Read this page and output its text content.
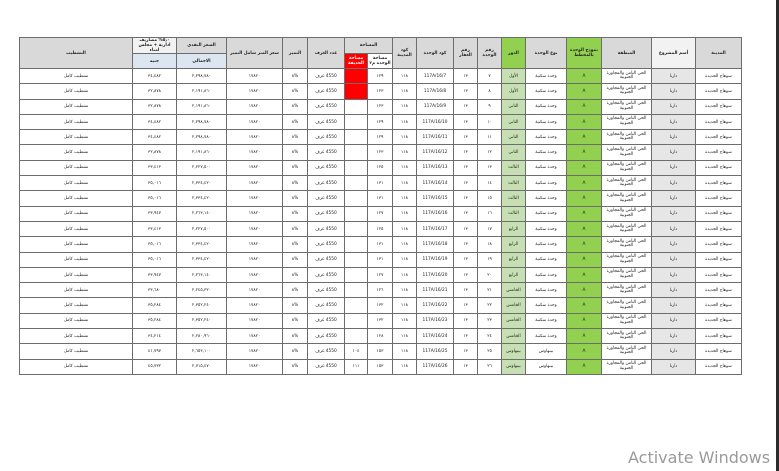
المدينة	أسم المشروع	المنطقة	نموذج الوحدة بالمخطط	نوع الوحدة	الدور	رقم الوحدة	رقم العقار	كود الوحدة	كود المدينة	المساحة		عدد الغرف	التميز	سعر المتر شامل التميز	السعر النقدي	٥٫٠% مصاريف ادارية + مجلس امناء	التشطيب
										مساحة الوحدة م٢	مساحة الحديقة				الاجمالي	جنيه	
سوهاج الجديدة	دارنا	الحي الثامن والمجاورة الجنوبية	A	وحدة سكنية	الأول	٧	١٣	117A/16/7	١١٨	١٢٩		4550 غرف	%٨	١٧٨٢٠	٢,٢٩٨,٧٨٠	٣٤,٤٨٢	تشطيب كامل
سوهاج الجديدة	دارنا	الحي الثامن والمجاورة الجنوبية	A	وحدة سكنية	الأول	٨	١٣	117A/16/8	١١٨	١٢٣		4550 غرف	%٨	١٧٨٢٠	٢,١٩١,٨٦٠	٣٢,٨٧٨	تشطيب كامل
سوهاج الجديدة	دارنا	الحي الثامن والمجاورة الجنوبية	A	وحدة سكنية	الثاني	٩	١٣	117A/16/9	١١٨	١٢٣		4550 غرف	%٨	١٧٨٢٠	٢,١٩١,٨٦٠	٣٢,٨٧٨	تشطيب كامل
سوهاج الجديدة	دارنا	الحي الثامن والمجاورة الجنوبية	A	وحدة سكنية	الثاني	١٠	١٣	117A/16/10	١١٨	١٢٩		4550 غرف	%٨	١٧٨٢٠	٢,٢٩٨,٧٨٠	٣٤,٤٨٢	تشطيب كامل
سوهاج الجديدة	دارنا	الحي الثامن والمجاورة الجنوبية	A	وحدة سكنية	الثاني	١١	١٣	117A/16/11	١١٨	١٢٩		4550 غرف	%٨	١٧٨٢٠	٢,٢٩٨,٧٨٠	٣٤,٤٨٢	تشطيب كامل
سوهاج الجديدة	دارنا	الحي الثامن والمجاورة الجنوبية	A	وحدة سكنية	الثاني	١٢	١٣	117A/16/12	١١٨	١٢٣		4550 غرف	%٨	١٧٨٢٠	٢,١٩١,٨٦٠	٣٢,٨٧٨	تشطيب كامل
سوهاج الجديدة	دارنا	الحي الثامن والمجاورة الجنوبية	A	وحدة سكنية	الثالث	١٣	١٣	117A/16/13	١١٨	١٢٥		4550 غرف	%٨	١٧٨٢٠	٢,٢٢٧,٥٠٠	٣٣,٤١٣	تشطيب كامل
سوهاج الجديدة	دارنا	الحي الثامن والمجاورة الجنوبية	A	وحدة سكنية	الثالث	١٤	١٣	117A/16/14	١١٨	١٣١		4550 غرف	%٨	١٧٨٢٠	٢,٣٣٤,٤٢٠	٣٥,٠١٦	تشطيب كامل
سوهاج الجديدة	دارنا	الحي الثامن والمجاورة الجنوبية	A	وحدة سكنية	الثالث	١٥	١٣	117A/16/15	١١٨	١٣١		4550 غرف	%٨	١٧٨٢٠	٢,٣٣٤,٤٢٠	٣٥,٠١٦	تشطيب كامل
سوهاج الجديدة	دارنا	الحي الثامن والمجاورة الجنوبية	A	وحدة سكنية	الثالث	١٦	١٣	117A/16/16	١١٨	١٢٧		4550 غرف	%٨	١٧٨٢٠	٢,٢٦٣,١٤٠	٣٣,٩٤٧	تشطيب كامل
سوهاج الجديدة	دارنا	الحي الثامن والمجاورة الجنوبية	A	وحدة سكنية	الرابع	١٧	١٣	117A/16/17	١١٨	١٢٥		4550 غرف	%٨	١٧٨٢٠	٢,٢٢٧,٥٠٠	٣٣,٤١٣	تشطيب كامل
سوهاج الجديدة	دارنا	الحي الثامن والمجاورة الجنوبية	A	وحدة سكنية	الرابع	١٨	١٣	117A/16/18	١١٨	١٣١		4550 غرف	%٨	١٧٨٢٠	٢,٣٣٤,٤٢٠	٣٥,٠١٦	تشطيب كامل
سوهاج الجديدة	دارنا	الحي الثامن والمجاورة الجنوبية	A	وحدة سكنية	الرابع	١٩	١٣	117A/16/19	١١٨	١٣١		4550 غرف	%٨	١٧٨٢٠	٢,٣٣٤,٤٢٠	٣٥,٠١٦	تشطيب كامل
سوهاج الجديدة	دارنا	الحي الثامن والمجاورة الجنوبية	A	وحدة سكنية	الرابع	٢٠	١٣	117A/16/20	١١٨	١٢٧		4550 غرف	%٨	١٧٨٢٠	٢,٢٦٣,١٤٠	٣٣,٩٤٧	تشطيب كامل
سوهاج الجديدة	دارنا	الحي الثامن والمجاورة الجنوبية	A	وحدة سكنية	الخامس	٢١	١٣	117A/16/21	١١٨	١٢٦		4550 غرف	%٨	١٧٨٢٠	٢,٢٤٥,٣٢٠	٣٣,٦٨٠	تشطيب كامل
سوهاج الجديدة	دارنا	الحي الثامن والمجاورة الجنوبية	A	وحدة سكنية	الخامس	٢٢	١٣	117A/16/22	١١٨	١٣٢		4550 غرف	%٨	١٧٨٢٠	٢,٣٥٢,٢٤٠	٣٥,٢٨٤	تشطيب كامل
سوهاج الجديدة	دارنا	الحي الثامن والمجاورة الجنوبية	A	وحدة سكنية	الخامس	٢٣	١٣	117A/16/23	١١٨	١٣٢		4550 غرف	%٨	١٧٨٢٠	٢,٣٥٢,٢٤٠	٣٥,٢٨٤	تشطيب كامل
سوهاج الجديدة	دارنا	الحي الثامن والمجاورة الجنوبية	A	وحدة سكنية	الخامس	٢٤	١٣	117A/16/24	١١٨	١٢٨		4550 غرف	%٨	١٧٨٢٠	٢,٢٨٠,٩٦٠	٣٤,٢١٤	تشطيب كامل
سوهاج الجديدة	دارنا	الحي الثامن والمجاورة الجنوبية	A	بينهاوس	بينهاوس	٢٥	١٣	117A/16/25	١١٨	١٥٣	١٠٤	4550 غرف	%٨	١٧٨٢٠	٢,٦٥٣,١٠٠	٤١,٧٩٧	تشطيب كامل
سوهاج الجديدة	دارنا	الحي الثامن والمجاورة الجنوبية	A	بينهاوس	بينهاوس	٢٦	١٣	117A/16/26	١١٨	١٥٣	١١١	4550 غرف	%٨	١٧٨٢٠	٢,٧١٥,٤٧٠	٤٥,٧٣٢	تشطيب كامل
Activate Windows
